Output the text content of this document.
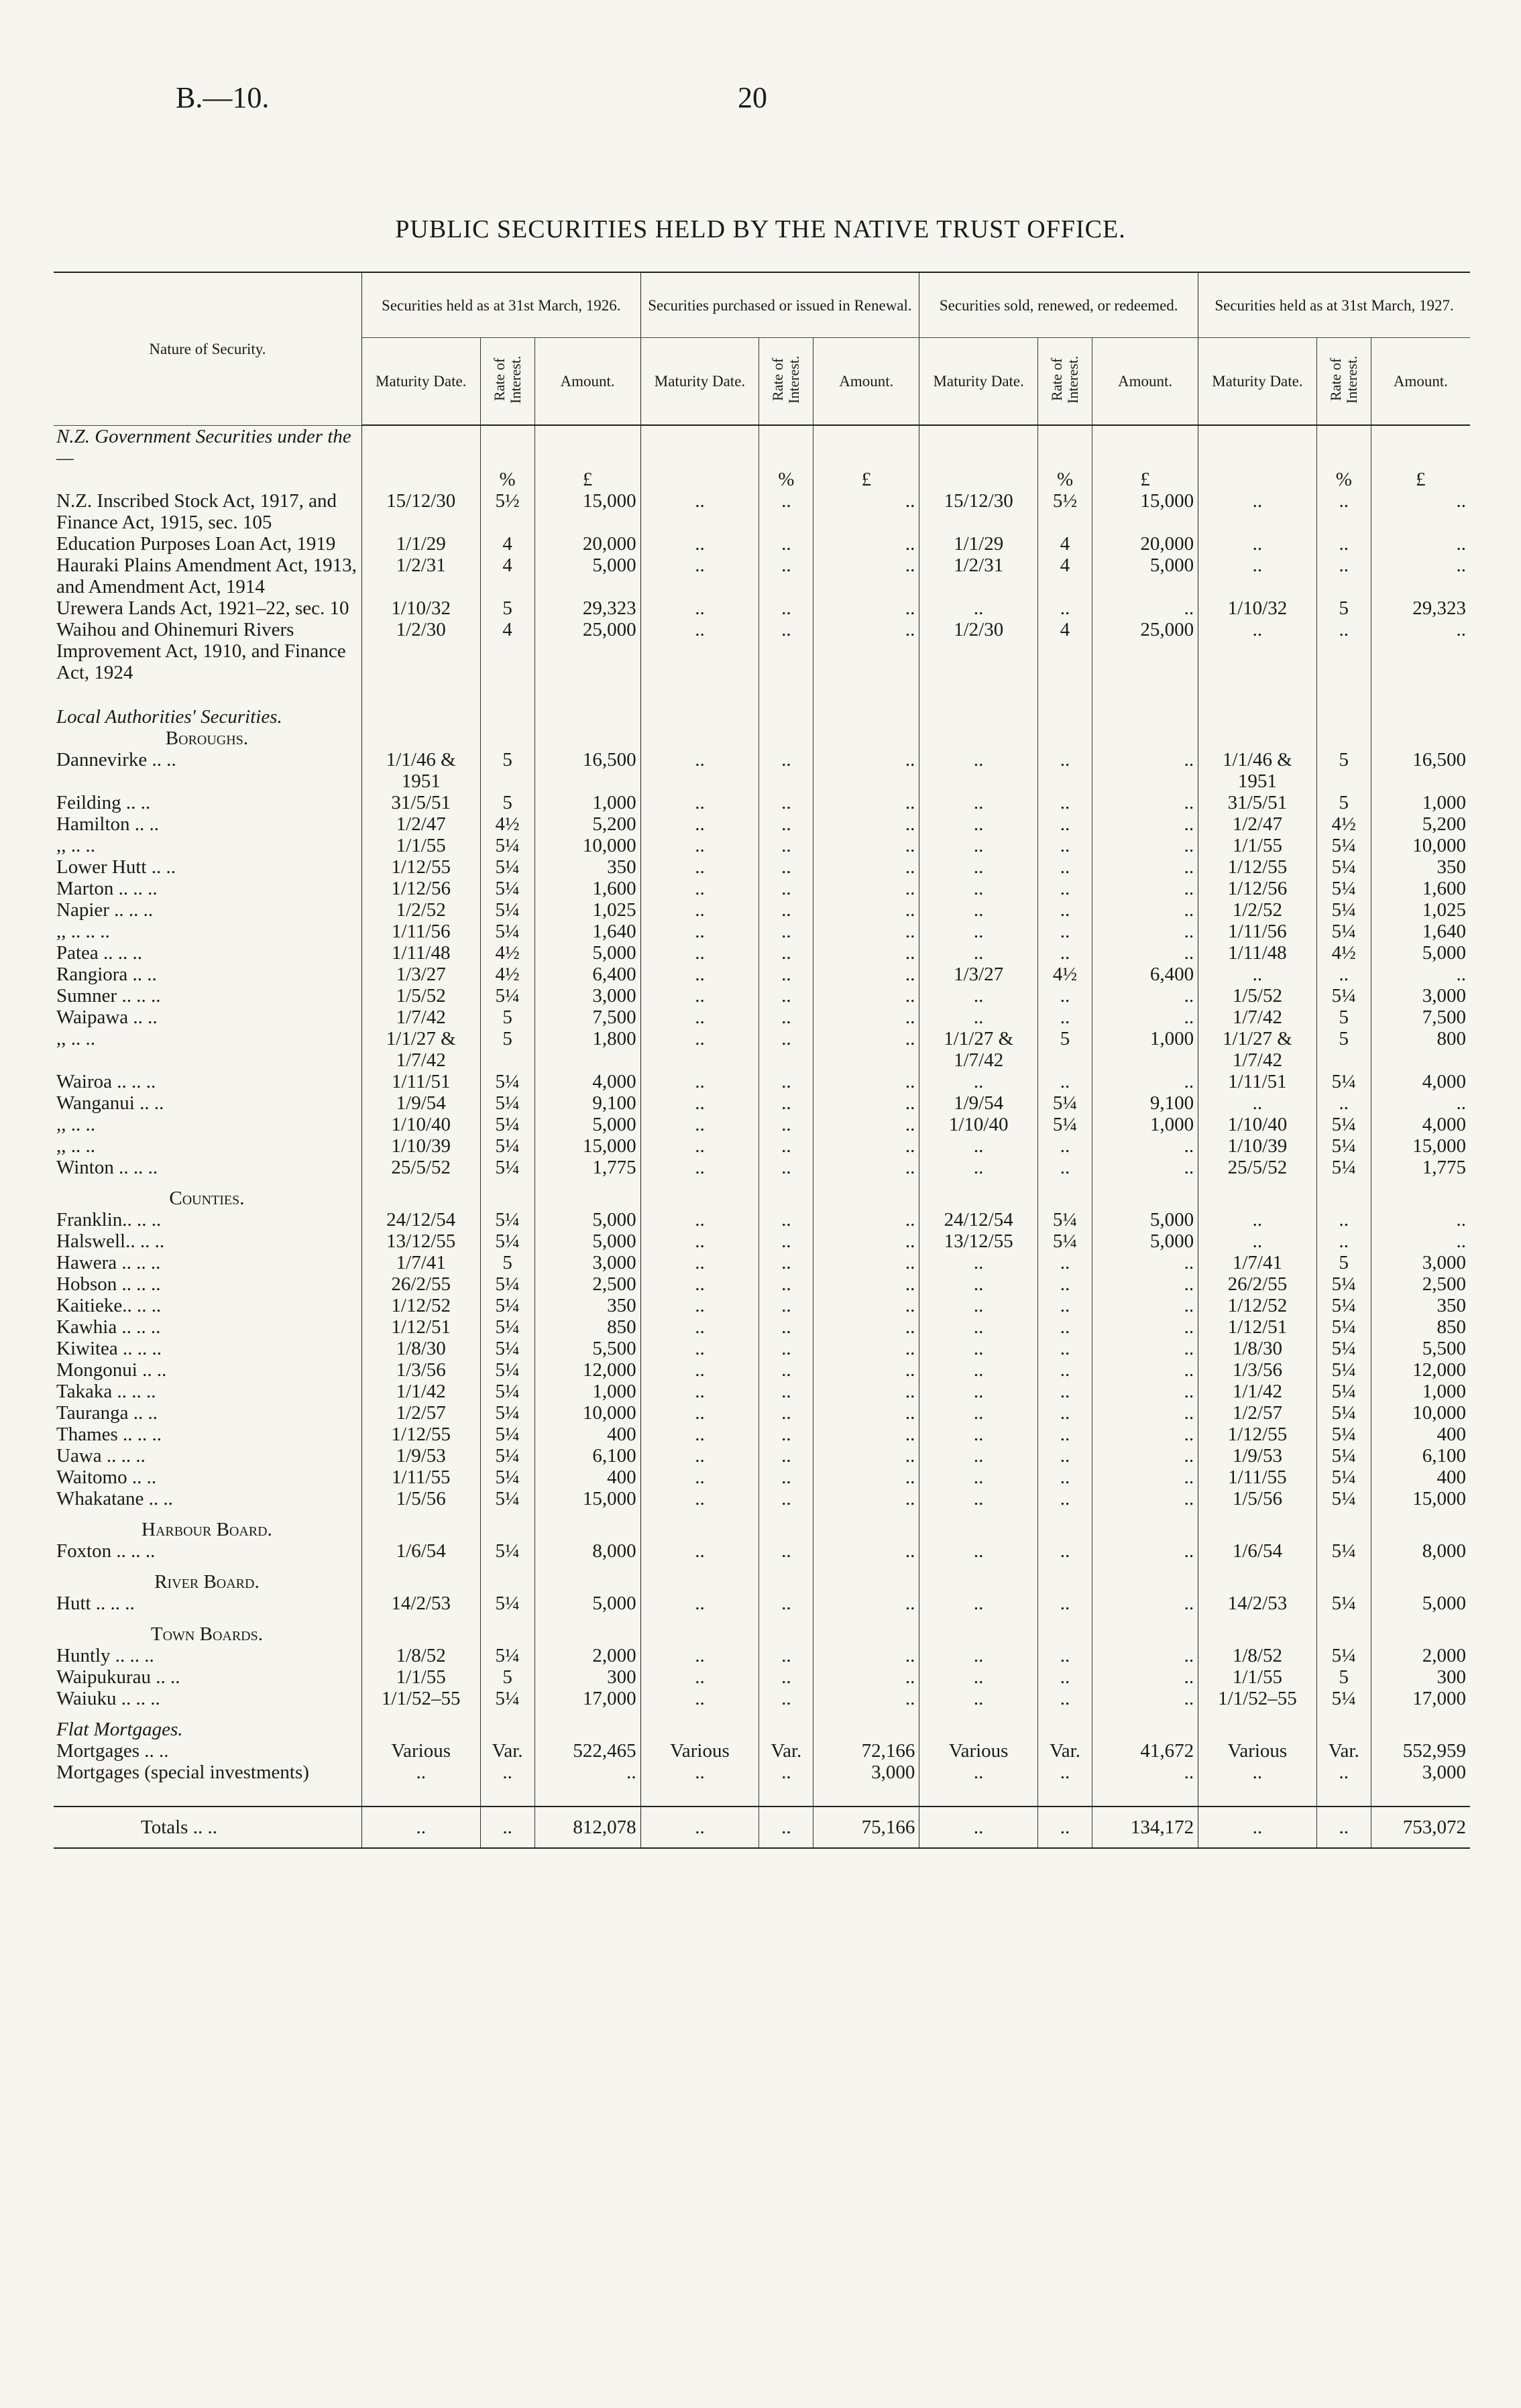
B.—10.	20
PUBLIC SECURITIES HELD BY THE NATIVE TRUST OFFICE.
Nature of Security.	Securities held as at 31st March, 1926.			Securities purchased or issued in Renewal.			Securities sold, renewed, or redeemed.			Securities held as at 31st March, 1927.		
	Maturity Date.	Rate of Interest.	Amount.	Maturity Date.	Rate of Interest.	Amount.	Maturity Date.	Rate of Interest.	Amount.	Maturity Date.	Rate of Interest.	Amount.
N.Z. Government Securities under the—												
		%	£		%	£		%	£		%	£
N.Z. Inscribed Stock Act, 1917, and Finance Act, 1915, sec. 105	15/12/30	5½	15,000	..	..	..	15/12/30	5½	15,000	..	..	..
Education Purposes Loan Act, 1919	1/1/29	4	20,000	..	..	..	1/1/29	4	20,000	..	..	..
Hauraki Plains Amendment Act, 1913, and Amendment Act, 1914	1/2/31	4	5,000	..	..	..	1/2/31	4	5,000	..	..	..
Urewera Lands Act, 1921–22, sec. 10	1/10/32	5	29,323	..	..	..	..	..	..	1/10/32	5	29,323
Waihou and Ohinemuri Rivers Improvement Act, 1910, and Finance Act, 1924	1/2/30	4	25,000	..	..	..	1/2/30	4	25,000	..	..	..

Local Authorities' Securities.												
Boroughs.												
Dannevirke .. ..	1/1/46 & 1951	5	16,500	..	..	..	..	..	..	1/1/46 & 1951	5	16,500
Feilding .. ..	31/5/51	5	1,000	..	..	..	..	..	..	31/5/51	5	1,000
Hamilton .. ..	1/2/47	4½	5,200	..	..	..	..	..	..	1/2/47	4½	5,200
,, .. ..	1/1/55	5¼	10,000	..	..	..	..	..	..	1/1/55	5¼	10,000
Lower Hutt .. ..	1/12/55	5¼	350	..	..	..	..	..	..	1/12/55	5¼	350
Marton .. .. ..	1/12/56	5¼	1,600	..	..	..	..	..	..	1/12/56	5¼	1,600
Napier .. .. ..	1/2/52	5¼	1,025	..	..	..	..	..	..	1/2/52	5¼	1,025
,, .. .. ..	1/11/56	5¼	1,640	..	..	..	..	..	..	1/11/56	5¼	1,640
Patea .. .. ..	1/11/48	4½	5,000	..	..	..	..	..	..	1/11/48	4½	5,000
Rangiora .. ..	1/3/27	4½	6,400	..	..	..	1/3/27	4½	6,400	..	..	..
Sumner .. .. ..	1/5/52	5¼	3,000	..	..	..	..	..	..	1/5/52	5¼	3,000
Waipawa .. ..	1/7/42	5	7,500	..	..	..	..	..	..	1/7/42	5	7,500
,, .. ..	1/1/27 & 1/7/42	5	1,800	..	..	..	1/1/27 & 1/7/42	5	1,000	1/1/27 & 1/7/42	5	800
Wairoa .. .. ..	1/11/51	5¼	4,000	..	..	..	..	..	..	1/11/51	5¼	4,000
Wanganui .. ..	1/9/54	5¼	9,100	..	..	..	1/9/54	5¼	9,100	..	..	..
,, .. ..	1/10/40	5¼	5,000	..	..	..	1/10/40	5¼	1,000	1/10/40	5¼	4,000
,, .. ..	1/10/39	5¼	15,000	..	..	..	..	..	..	1/10/39	5¼	15,000
Winton .. .. ..	25/5/52	5¼	1,775	..	..	..	..	..	..	25/5/52	5¼	1,775

Counties.												
Franklin.. .. ..	24/12/54	5¼	5,000	..	..	..	24/12/54	5¼	5,000	..	..	..
Halswell.. .. ..	13/12/55	5¼	5,000	..	..	..	13/12/55	5¼	5,000	..	..	..
Hawera .. .. ..	1/7/41	5	3,000	..	..	..	..	..	..	1/7/41	5	3,000
Hobson .. .. ..	26/2/55	5¼	2,500	..	..	..	..	..	..	26/2/55	5¼	2,500
Kaitieke.. .. ..	1/12/52	5¼	350	..	..	..	..	..	..	1/12/52	5¼	350
Kawhia .. .. ..	1/12/51	5¼	850	..	..	..	..	..	..	1/12/51	5¼	850
Kiwitea .. .. ..	1/8/30	5¼	5,500	..	..	..	..	..	..	1/8/30	5¼	5,500
Mongonui .. ..	1/3/56	5¼	12,000	..	..	..	..	..	..	1/3/56	5¼	12,000
Takaka .. .. ..	1/1/42	5¼	1,000	..	..	..	..	..	..	1/1/42	5¼	1,000
Tauranga .. ..	1/2/57	5¼	10,000	..	..	..	..	..	..	1/2/57	5¼	10,000
Thames .. .. ..	1/12/55	5¼	400	..	..	..	..	..	..	1/12/55	5¼	400
Uawa .. .. ..	1/9/53	5¼	6,100	..	..	..	..	..	..	1/9/53	5¼	6,100
Waitomo .. ..	1/11/55	5¼	400	..	..	..	..	..	..	1/11/55	5¼	400
Whakatane .. ..	1/5/56	5¼	15,000	..	..	..	..	..	..	1/5/56	5¼	15,000

Harbour Board.												
Foxton .. .. ..	1/6/54	5¼	8,000	..	..	..	..	..	..	1/6/54	5¼	8,000

River Board.												
Hutt .. .. ..	14/2/53	5¼	5,000	..	..	..	..	..	..	14/2/53	5¼	5,000

Town Boards.												
Huntly .. .. ..	1/8/52	5¼	2,000	..	..	..	..	..	..	1/8/52	5¼	2,000
Waipukurau .. ..	1/1/55	5	300	..	..	..	..	..	..	1/1/55	5	300
Waiuku .. .. ..	1/1/52–55	5¼	17,000	..	..	..	..	..	..	1/1/52–55	5¼	17,000

Flat Mortgages.												
Mortgages .. ..	Various	Var.	522,465	Various	Var.	72,166	Various	Var.	41,672	Various	Var.	552,959
Mortgages (special investments)	..	..	..	..	..	3,000	..	..	..	..	..	3,000

Totals .. ..	..	..	812,078	..	..	75,166	..	..	134,172	..	..	753,072
